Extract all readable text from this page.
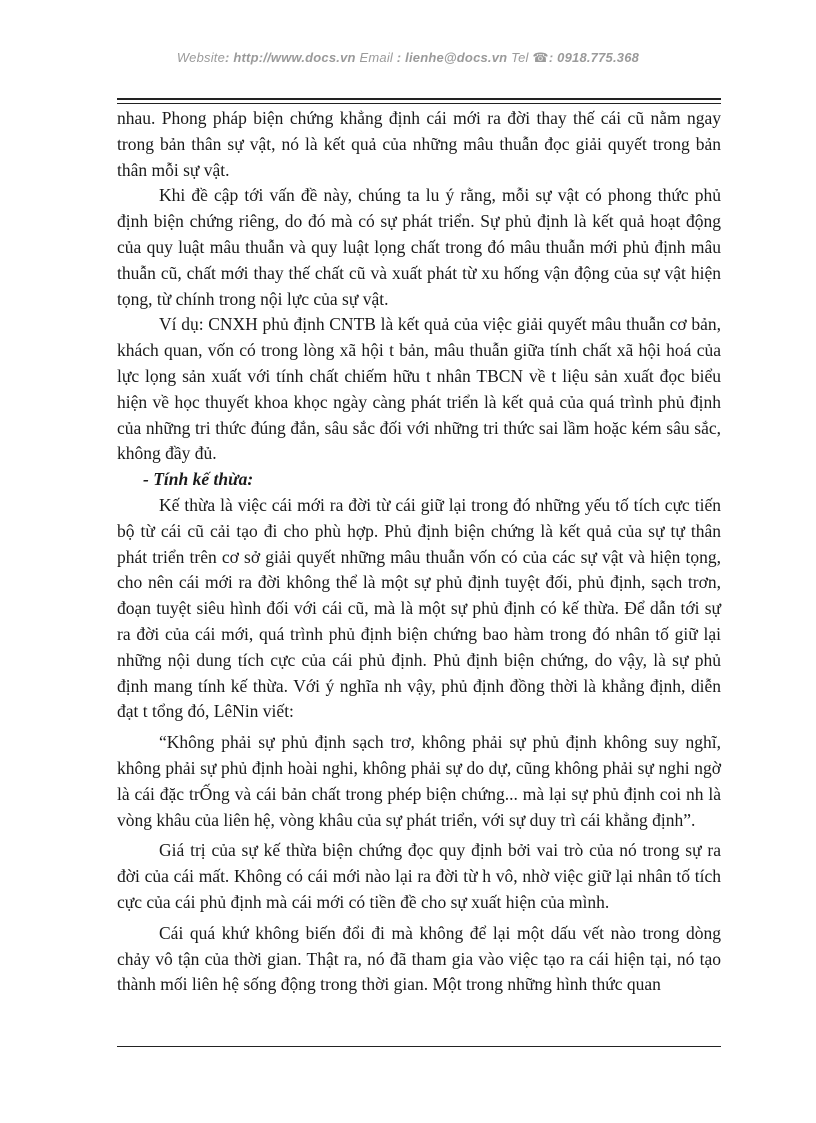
Website: http://www.docs.vn Email : lienhe@docs.vn Tel ☎: 0918.775.368

nhau. Phong pháp biện chứng khẳng định cái mới ra đời thay thế cái cũ nằm ngay trong bản thân sự vật, nó là kết quả của những mâu thuẫn đọc giải quyết trong bản thân mỗi sự vật.

Khi đề cập tới vấn đề này, chúng ta lu ý rằng, mỗi sự vật có phong thức phủ định biện chứng riêng, do đó mà có sự phát triển. Sự phủ định là kết quả hoạt động của quy luật mâu thuẫn và quy luật lọng chất trong đó mâu thuẫn mới phủ định mâu thuẫn cũ, chất mới thay thế chất cũ và xuất phát từ xu hống vận động của sự vật hiện tọng, từ chính trong nội lực của sự vật.

Ví dụ: CNXH phủ định CNTB là kết quả của việc giải quyết mâu thuẫn cơ bản, khách quan, vốn có trong lòng xã hội t bản, mâu thuẫn giữa tính chất xã hội hoá của lực lọng sản xuất với tính chất chiếm hữu t nhân TBCN về t liệu sản xuất đọc biểu hiện về học thuyết khoa khọc ngày càng phát triển là kết quả của quá trình phủ định của những tri thức đúng đắn, sâu sắc đối với những tri thức sai lầm hoặc kém sâu sắc, không đầy đủ.

- Tính kế thừa:

Kế thừa là việc cái mới ra đời từ cái giữ lại trong đó những yếu tố tích cực tiến bộ từ cái cũ cải tạo đi cho phù hợp. Phủ định biện chứng là kết quả của sự tự thân phát triển trên cơ sở giải quyết những mâu thuẫn vốn có của các sự vật và hiện tọng, cho nên cái mới ra đời không thể là một sự phủ định tuyệt đối, phủ định, sạch trơn, đoạn tuyệt siêu hình đối với cái cũ, mà là một sự phủ định có kế thừa. Để dẫn tới sự ra đời của cái mới, quá trình phủ định biện chứng bao hàm trong đó nhân tố giữ lại những nội dung tích cực của cái phủ định. Phủ định biện chứng, do vậy, là sự phủ định mang tính kế thừa. Với ý nghĩa nh vậy, phủ định đồng thời là khẳng định, diễn đạt t tổng đó, LêNin viết:

“Không phải sự phủ định sạch trơ, không phải sự phủ định không suy nghĩ, không phải sự phủ định hoài nghi, không phải sự do dự, cũng không phải sự nghi ngờ là cái đặc trỐng và cái bản chất trong phép biện chứng... mà lại sự phủ định coi nh là vòng khâu của liên hệ, vòng khâu của sự phát triển, với sự duy trì cái khẳng định”.

Giá trị của sự kế thừa biện chứng đọc quy định bởi vai trò của nó trong sự ra đời của cái mất. Không có cái mới nào lại ra đời từ h vô, nhờ việc giữ lại nhân tố tích cực của cái phủ định mà cái mới có tiền đề cho sự xuất hiện của mình.

Cái quá khứ không biến đổi đi mà không để lại một dấu vết nào trong dòng chảy vô tận của thời gian. Thật ra, nó đã tham gia vào việc tạo ra cái hiện tại, nó tạo thành mối liên hệ sống động trong thời gian. Một trong những hình thức quan
